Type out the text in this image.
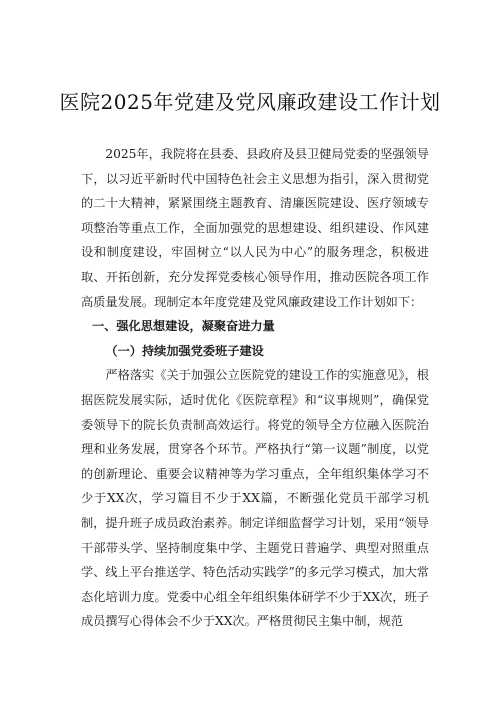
医院2025年党建及党风廉政建设工作计划

2025年，我院将在县委、县政府及县卫健局党委的坚强领导下，以习近平新时代中国特色社会主义思想为指引，深入贯彻党的二十大精神，紧紧围绕主题教育、清廉医院建设、医疗领域专项整治等重点工作，全面加强党的思想建设、组织建设、作风建设和制度建设，牢固树立“以人民为中心”的服务理念，积极进取、开拓创新，充分发挥党委核心领导作用，推动医院各项工作高质量发展。现制定本年度党建及党风廉政建设工作计划如下：

一、强化思想建设，凝聚奋进力量

（一）持续加强党委班子建设

严格落实《关于加强公立医院党的建设工作的实施意见》，根据医院发展实际，适时优化《医院章程》和“议事规则”，确保党委领导下的院长负责制高效运行。将党的领导全方位融入医院治理和业务发展，贯穿各个环节。严格执行“第一议题”制度，以党的创新理论、重要会议精神等为学习重点，全年组织集体学习不少于XX次，学习篇目不少于XX篇，不断强化党员干部学习机制，提升班子成员政治素养。制定详细监督学习计划，采用“领导干部带头学、坚持制度集中学、主题党日普遍学、典型对照重点学、线上平台推送学、特色活动实践学”的多元学习模式，加大常态化培训力度。党委中心组全年组织集体研学不少于XX次，班子成员撰写心得体会不少于XX次。严格贯彻民主集中制，规范
